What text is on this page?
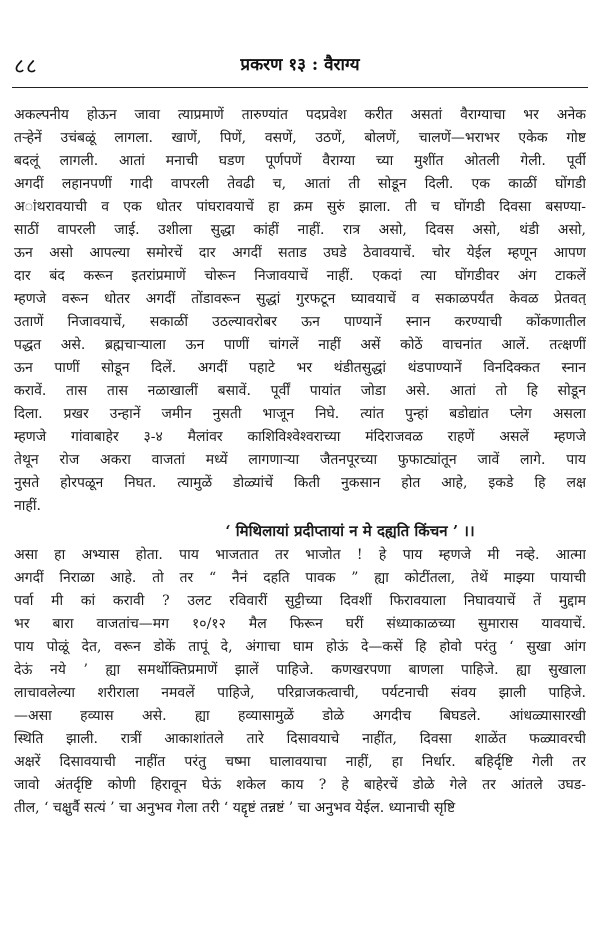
८८	प्रकरण १३ : वैराग्य
अकल्पनीय होऊन जावा त्याप्रमाणें तारुण्यांत पदप्रवेश करीत असतां वैराग्याचा भर अनेक
तऱ्हेनें उचंबळूं लागला. खाणें, पिणें, वसणें, उठणें, बोलणें, चालणें—भराभर एकेक गोष्ट
बदलूं लागली. आतां मनाची घडण पूर्णपणें वैराग्या च्या मुशींत ओतली गेली. पूर्वी
अगदीं लहानपणीं गादी वापरली तेवढी च, आतां ती सोडून दिली. एक काळीं घोंगडी
अांथरावयाची व एक धोतर पांघरावयाचें हा क्रम सुरुं झाला. ती च घोंगडी दिवसा बसण्या-
साठीं वापरली जाई. उशीला सुद्धा कांहीं नाहीं. रात्र असो, दिवस असो, थंडी असो,
ऊन असो आपल्या समोरचें दार अगदीं सताड उघडे ठेवावयाचें. चोर येईल म्हणून आपण
दार बंद करून इतरांप्रमाणें चोरून निजावयाचें नाहीं. एकदां त्या घोंगडीवर अंग टाकलें
म्हणजे वरून धोतर अगदीं तोंडावरून सुद्धां गुरफटून घ्यावयाचें व सकाळपर्यंत केवळ प्रेतवत्
उताणें निजावयाचें, सकाळीं उठल्यावरोबर ऊन पाण्यानें स्नान करण्याची कोंकणातील
पद्धत असे. ब्रह्मचाऱ्याला ऊन पाणीं चांगलें नाहीं असें कोठें वाचनांत आलें. तत्क्षणीं
ऊन पाणीं सोडून दिलें. अगदीं पहाटे भर थंडीतसुद्धां थंडपाण्यानें विनदिक्कत स्नान
करावें. तास तास नळाखालीं बसावें. पूर्वीं पायांत जोडा असे. आतां तो हि सोडून
दिला. प्रखर उन्हानें जमीन नुसती भाजून निघे. त्यांत पुन्हां बडोद्यांत प्लेग असला
म्हणजे गांवाबाहेर ३-४ मैलांवर काशिविश्वेश्वराच्या मंदिराजवळ राहणें असलें म्हणजे
तेथून रोज अकरा वाजतां मध्यें लागणाऱ्या जैतनपूरच्या फुफाट्यांतून जावें लागे. पाय
नुसते होरपळून निघत. त्यामुळें डोळ्यांचें किती नुकसान होत आहे, इकडे हि लक्ष
नाहीं.
‘ मिथिलायां प्रदीप्तायां न मे दह्यति किंचन ’ ।।
असा हा अभ्यास होता. पाय भाजतात तर भाजोत ! हे पाय म्हणजे मी नव्हे. आत्मा
अगदीं निराळा आहे. तो तर “ नैनं दहति पावक ” ह्या कोटींतला, तेथें माझ्या पायाची
पर्वा मी कां करावी ? उलट रविवारीं सुट्टीच्या दिवशीं फिरावयाला निघावयाचें तें मुद्दाम
भर बारा वाजतांच—मग १०/१२ मैल फिरून घरीं संध्याकाळच्या सुमारास यावयाचें.
पाय पोळूं देत, वरून डोकें तापूं दे, अंगाचा घाम हाेऊं दे—कसें हि होवो परंतु ‘ सुखा आंग
देऊं नये ’ ह्या समर्थोक्तिप्रमाणें झालें पाहिजे. कणखरपणा बाणला पाहिजे. ह्या सुखाला
लाचावलेल्या शरीराला नमवलें पाहिजे, परिव्राजकत्वाची, पर्यटनाची संवय झाली पाहिजे.
—असा हव्यास असे. ह्या हव्यासामुळें डोळे अगदीच बिघडले. आंधळ्यासारखी
स्थिति झाली. रात्रीं आकाशांतले तारे दिसावयाचे नाहींत, दिवसा शाळेंत फळ्यावरची
अक्षरें दिसावयाची नाहींत परंतु चष्मा घालावयाचा नाहीं, हा निर्धार. बहिर्दृष्टि गेली तर
जावो अंतर्दृष्टि कोणी हिरावून घेऊं शकेल काय ? हे बाहेरचें डोळे गेले तर आंतले उघड-
तील, ‘ चक्षुर्वै सत्यं ’ चा अनुभव गेला तरी ‘ यद्दृष्टं तन्नष्टं ’ चा अनुभव येईल. ध्यानाची सृष्टि
